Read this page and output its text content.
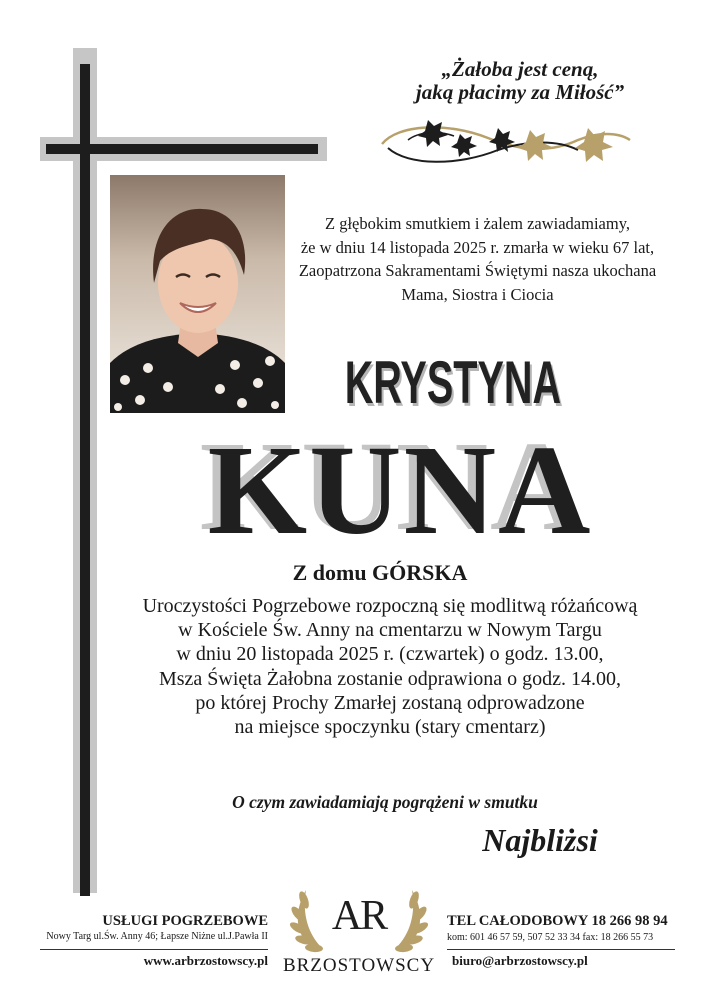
„Żałoba jest ceną,
jaką płacimy za Miłość”
Z głębokim smutkiem i żalem zawiadamiamy,
że w dniu 14 listopada 2025 r. zmarła w wieku 67 lat,
Zaopatrzona Sakramentami Świętymi nasza ukochana
Mama, Siostra i Ciocia
KRYSTYNA
KUNA
Z domu GÓRSKA
Uroczystości Pogrzebowe rozpoczną się modlitwą różańcową
w Kościele Św. Anny na cmentarzu w Nowym Targu
w dniu 20 listopada 2025 r. (czwartek) o godz. 13.00,
Msza Święta Żałobna zostanie odprawiona o godz. 14.00,
po której Prochy Zmarłej zostaną odprowadzone
na miejsce spoczynku (stary cmentarz)
O czym zawiadamiają pogrążeni w smutku
Najbliżsi
USŁUGI POGRZEBOWE
Nowy Targ ul.Św. Anny 46; Łapsze Niżne ul.J.Pawła II
www.arbrzostowscy.pl
AR
BRZOSTOWSCY
TEL CAŁODOBOWY 18 266 98 94
kom: 601 46 57 59, 507 52 33 34 fax: 18 266 55 73
biuro@arbrzostowscy.pl
